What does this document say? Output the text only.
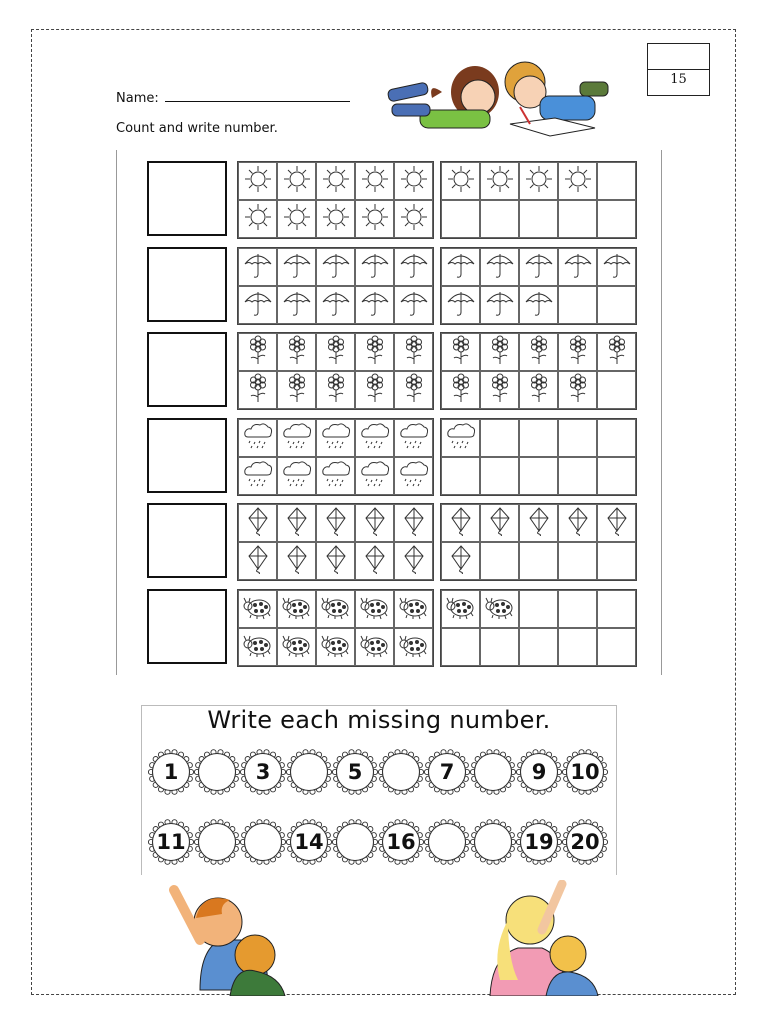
15
Name:
Count and write number.
Write each missing number.
1	3	5	7	9	10
11	14	16	19 20
